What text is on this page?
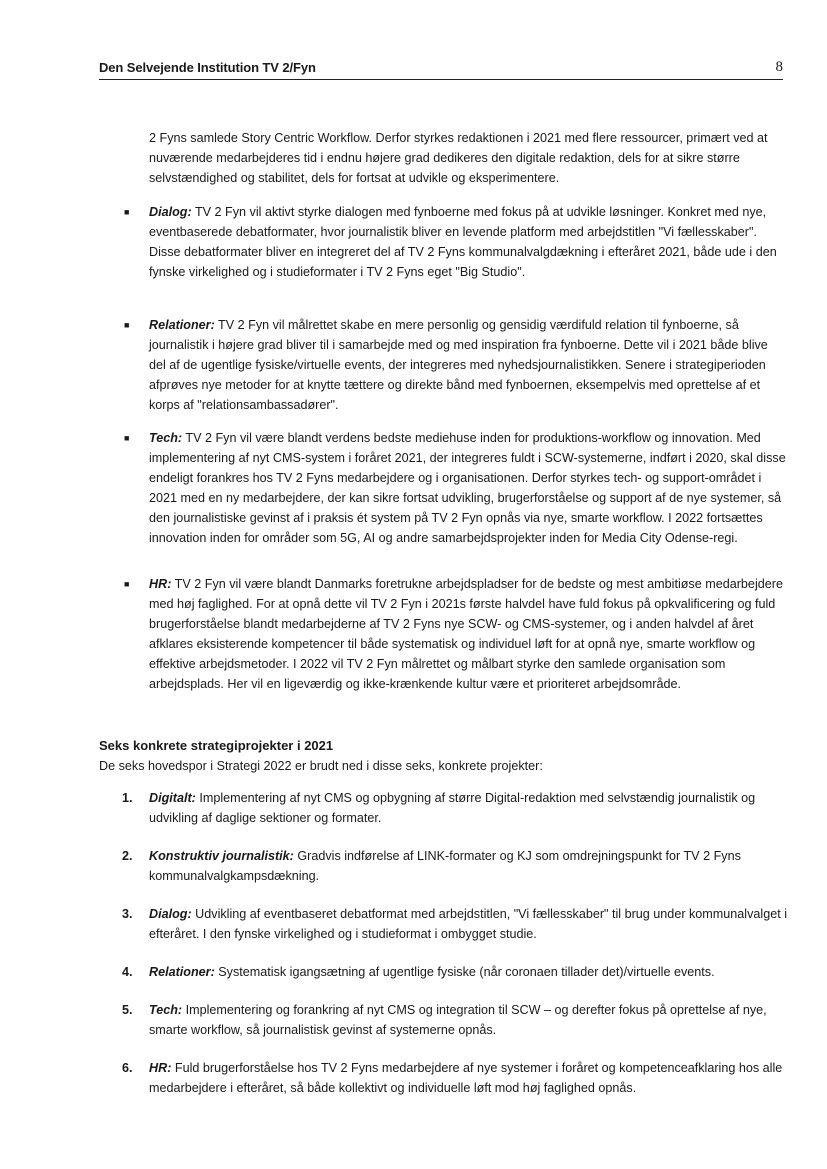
Den Selvejende Institution TV 2/Fyn	8

2 Fyns samlede Story Centric Workflow. Derfor styrkes redaktionen i 2021 med flere ressourcer, primært ved at nuværende medarbejderes tid i endnu højere grad dedikeres den digitale redaktion, dels for at sikre større selvstændighed og stabilitet, dels for fortsat at udvikle og eksperimentere.

■	Dialog: TV 2 Fyn vil aktivt styrke dialogen med fynboerne med fokus på at udvikle løsninger. Konkret med nye, eventbaserede debatformater, hvor journalistik bliver en levende platform med arbejdstitlen "Vi fællesskaber". Disse debatformater bliver en integreret del af TV 2 Fyns kommunalvalgdækning i efteråret 2021, både ude i den fynske virkelighed og i studieformater i TV 2 Fyns eget "Big Studio".
■	Relationer: TV 2 Fyn vil målrettet skabe en mere personlig og gensidig værdifuld relation til fynboerne, så journalistik i højere grad bliver til i samarbejde med og med inspiration fra fynboerne. Dette vil i 2021 både blive del af de ugentlige fysiske/virtuelle events, der integreres med nyhedsjournalistikken. Senere i strategiperioden afprøves nye metoder for at knytte tættere og direkte bånd med fynboernen, eksempelvis med oprettelse af et korps af "relationsambassadører".
■	Tech: TV 2 Fyn vil være blandt verdens bedste mediehuse inden for produktions-workflow og innovation. Med implementering af nyt CMS-system i foråret 2021, der integreres fuldt i SCW-systemerne, indført i 2020, skal disse endeligt forankres hos TV 2 Fyns medarbejdere og i organisationen. Derfor styrkes tech- og support-området i 2021 med en ny medarbejdere, der kan sikre fortsat udvikling, brugerforståelse og support af de nye systemer, så den journalistiske gevinst af i praksis ét system på TV 2 Fyn opnås via nye, smarte workflow. I 2022 fortsættes innovation inden for områder som 5G, AI og andre samarbejdsprojekter inden for Media City Odense-regi.
■	HR: TV 2 Fyn vil være blandt Danmarks foretrukne arbejdspladser for de bedste og mest ambitiøse medarbejdere med høj faglighed. For at opnå dette vil TV 2 Fyn i 2021s første halvdel have fuld fokus på opkvalificering og fuld brugerforståelse blandt medarbejderne af TV 2 Fyns nye SCW- og CMS-systemer, og i anden halvdel af året afklares eksisterende kompetencer til både systematisk og individuel løft for at opnå nye, smarte workflow og effektive arbejdsmetoder. I 2022 vil TV 2 Fyn målrettet og målbart styrke den samlede organisation som arbejdsplads. Her vil en ligeværdig og ikke-krænkende kultur være et prioriteret arbejdsområde.
Seks konkrete strategiprojekter i 2021
De seks hovedspor i Strategi 2022 er brudt ned i disse seks, konkrete projekter:
1. Digitalt: Implementering af nyt CMS og opbygning af større Digital-redaktion med selvstændig journalistik og udvikling af daglige sektioner og formater.
2. Konstruktiv journalistik: Gradvis indførelse af LINK-formater og KJ som omdrejningspunkt for TV 2 Fyns kommunalvalgkampsdækning.
3. Dialog: Udvikling af eventbaseret debatformat med arbejdstitlen, "Vi fællesskaber" til brug under kommunalvalget i efteråret. I den fynske virkelighed og i studieformat i ombygget studie.
4. Relationer: Systematisk igangsætning af ugentlige fysiske (når coronaen tillader det)/virtuelle events.
5. Tech: Implementering og forankring af nyt CMS og integration til SCW – og derefter fokus på oprettelse af nye, smarte workflow, så journalistisk gevinst af systemerne opnås.
6. HR: Fuld brugerforståelse hos TV 2 Fyns medarbejdere af nye systemer i foråret og kompetenceafklaring hos alle medarbejdere i efteråret, så både kollektivt og individuelle løft mod høj faglighed opnås.
